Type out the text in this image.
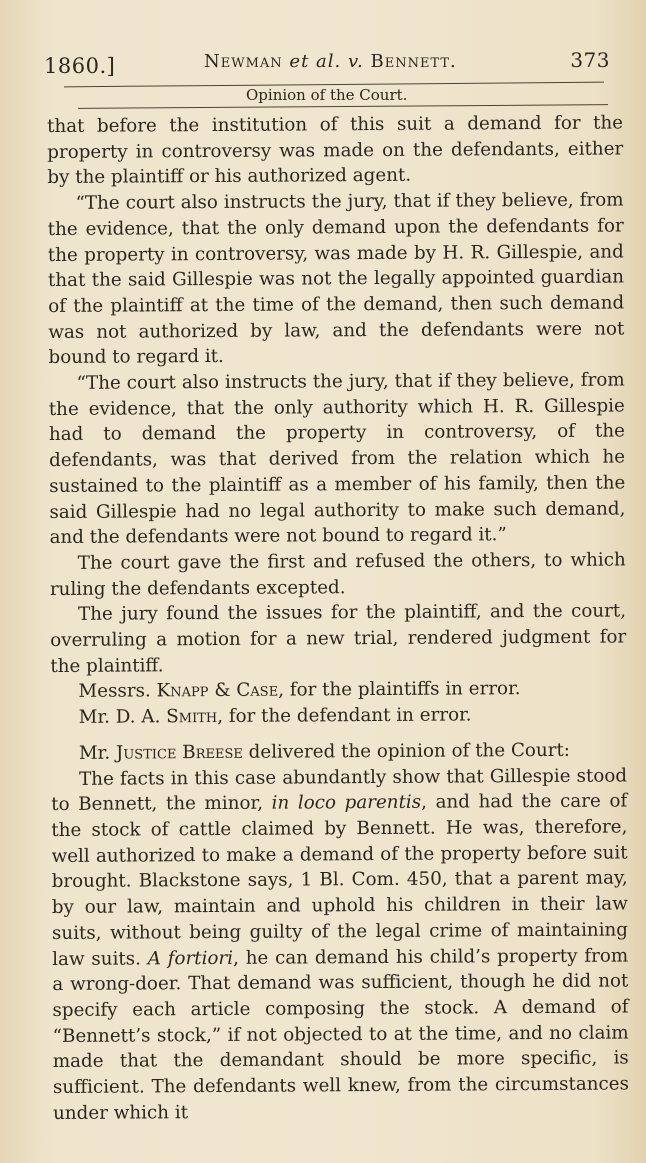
1860.]	Newman et al. v. Bennett.	373
Opinion of the Court.

that before the institution of this suit a demand for the property in controversy was made on the defendants, either by the plaintiff or his authorized agent.

“The court also instructs the jury, that if they believe, from the evidence, that the only demand upon the defendants for the property in controversy, was made by H. R. Gillespie, and that the said Gillespie was not the legally appointed guardian of the plaintiff at the time of the demand, then such demand was not authorized by law, and the defendants were not bound to regard it.

“The court also instructs the jury, that if they believe, from the evidence, that the only authority which H. R. Gillespie had to demand the property in controversy, of the defendants, was that derived from the relation which he sustained to the plaintiff as a member of his family, then the said Gillespie had no legal authority to make such demand, and the defendants were not bound to regard it.”

The court gave the first and refused the others, to which ruling the defendants excepted.

The jury found the issues for the plaintiff, and the court, overruling a motion for a new trial, rendered judgment for the plaintiff.

Messrs. Knapp & Case, for the plaintiffs in error.

Mr. D. A. Smith, for the defendant in error.

Mr. Justice Breese delivered the opinion of the Court:

The facts in this case abundantly show that Gillespie stood to Bennett, the minor, in loco parentis, and had the care of the stock of cattle claimed by Bennett. He was, therefore, well authorized to make a demand of the property before suit brought. Blackstone says, 1 Bl. Com. 450, that a parent may, by our law, maintain and uphold his children in their law suits, without being guilty of the legal crime of maintaining law suits. A fortiori, he can demand his child’s property from a wrong-doer. That demand was sufficient, though he did not specify each article composing the stock. A demand of “Bennett’s stock,” if not objected to at the time, and no claim made that the demandant should be more specific, is sufficient. The defendants well knew, from the circumstances under which it
